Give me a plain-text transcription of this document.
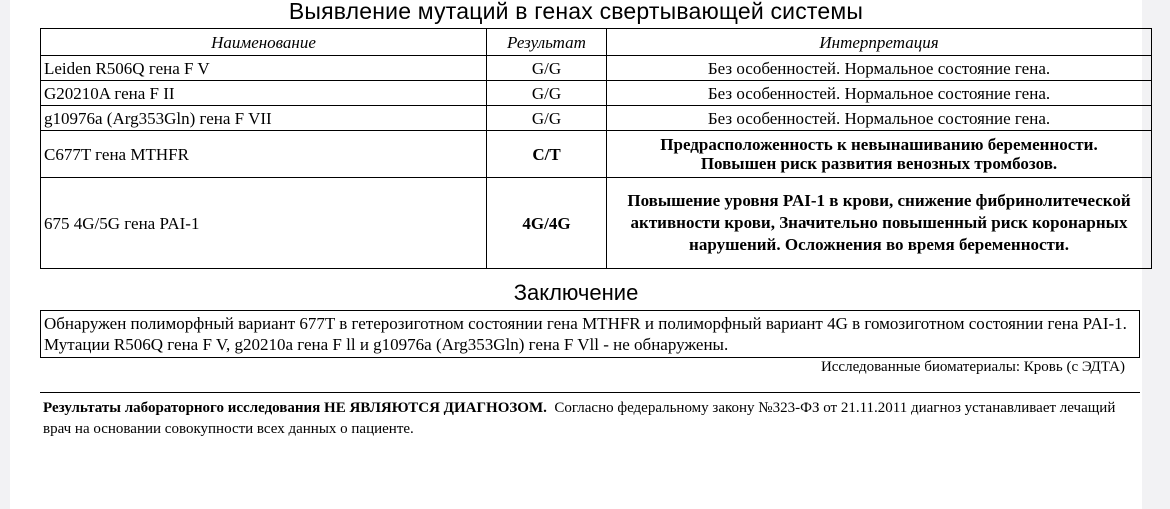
Выявление мутаций в генах свертывающей системы
Наименование	Результат	Интерпретация
Leiden R506Q гена F V	G/G	Без особенностей. Нормальное состояние гена.
G20210A гена F II	G/G	Без особенностей. Нормальное состояние гена.
g10976a (Arg353Gln) гена F VII	G/G	Без особенностей. Нормальное состояние гена.
C677T гена MTHFR	C/T	Предрасположенность к невынашиванию беременности.
Повышен риск развития венозных тромбозов.

675 4G/5G гена PAI-1	4G/4G	Повышение уровня PAI-1 в крови, снижение фибринолитеческой активности крови, Значительно повышенный риск коронарных нарушений. Осложнения во время беременности.
Заключение
Обнаружен полиморфный вариант 677T в гетерозиготном состоянии гена MTHFR и полиморфный вариант 4G в гомозиготном состоянии гена PAI-1. Мутации R506Q гена F V, g20210a гена F ll и g10976a (Arg353Gln) гена F Vll - не обнаружены.
Исследованные биоматериалы: Кровь (с ЭДТА)
Результаты лабораторного исследования НЕ ЯВЛЯЮТСЯ ДИАГНОЗОМ. Согласно федеральному закону №323-ФЗ от 21.11.2011 диагноз устанавливает лечащий врач на основании совокупности всех данных о пациенте.
